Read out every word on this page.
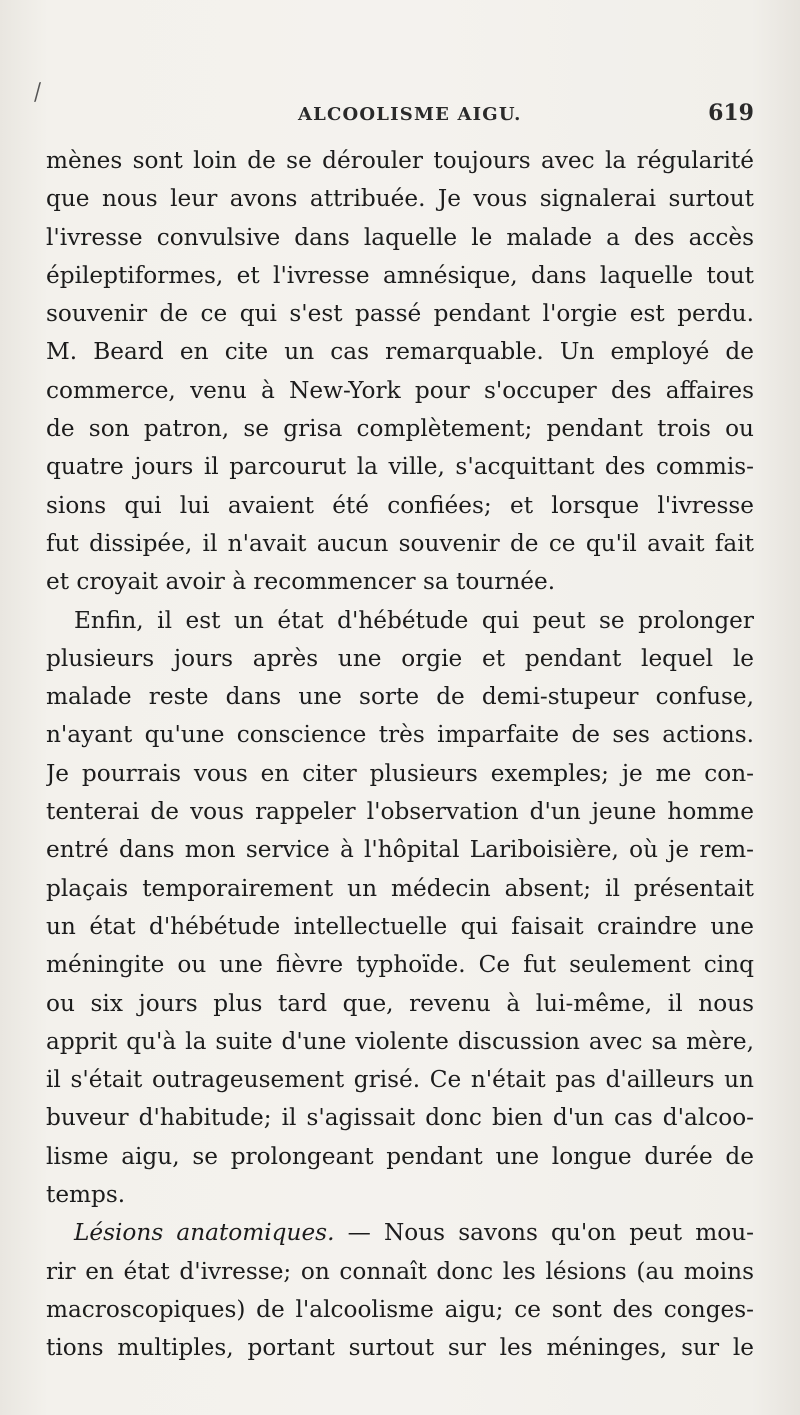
/
ALCOOLISME AIGU.	619
mènes sont loin de se dérouler toujours avec la régularité
que nous leur avons attribuée. Je vous signalerai surtout
l'ivresse convulsive dans laquelle le malade a des accès
épileptiformes, et l'ivresse amnésique, dans laquelle tout
souvenir de ce qui s'est passé pendant l'orgie est perdu.
M. Beard en cite un cas remarquable. Un employé de
commerce, venu à New-York pour s'occuper des affaires
de son patron, se grisa complètement; pendant trois ou
quatre jours il parcourut la ville, s'acquittant des commis-
sions qui lui avaient été confiées; et lorsque l'ivresse
fut dissipée, il n'avait aucun souvenir de ce qu'il avait fait
et croyait avoir à recommencer sa tournée.
Enfin, il est un état d'hébétude qui peut se prolonger
plusieurs jours après une orgie et pendant lequel le
malade reste dans une sorte de demi-stupeur confuse,
n'ayant qu'une conscience très imparfaite de ses actions.
Je pourrais vous en citer plusieurs exemples; je me con-
tenterai de vous rappeler l'observation d'un jeune homme
entré dans mon service à l'hôpital Lariboisière, où je rem-
plaçais temporairement un médecin absent; il présentait
un état d'hébétude intellectuelle qui faisait craindre une
méningite ou une fièvre typhoïde. Ce fut seulement cinq
ou six jours plus tard que, revenu à lui-même, il nous
apprit qu'à la suite d'une violente discussion avec sa mère,
il s'était outrageusement grisé. Ce n'était pas d'ailleurs un
buveur d'habitude; il s'agissait donc bien d'un cas d'alcoo-
lisme aigu, se prolongeant pendant une longue durée de
temps.
Lésions anatomiques. — Nous savons qu'on peut mou-
rir en état d'ivresse; on connaît donc les lésions (au moins
macroscopiques) de l'alcoolisme aigu; ce sont des conges-
tions multiples, portant surtout sur les méninges, sur le
